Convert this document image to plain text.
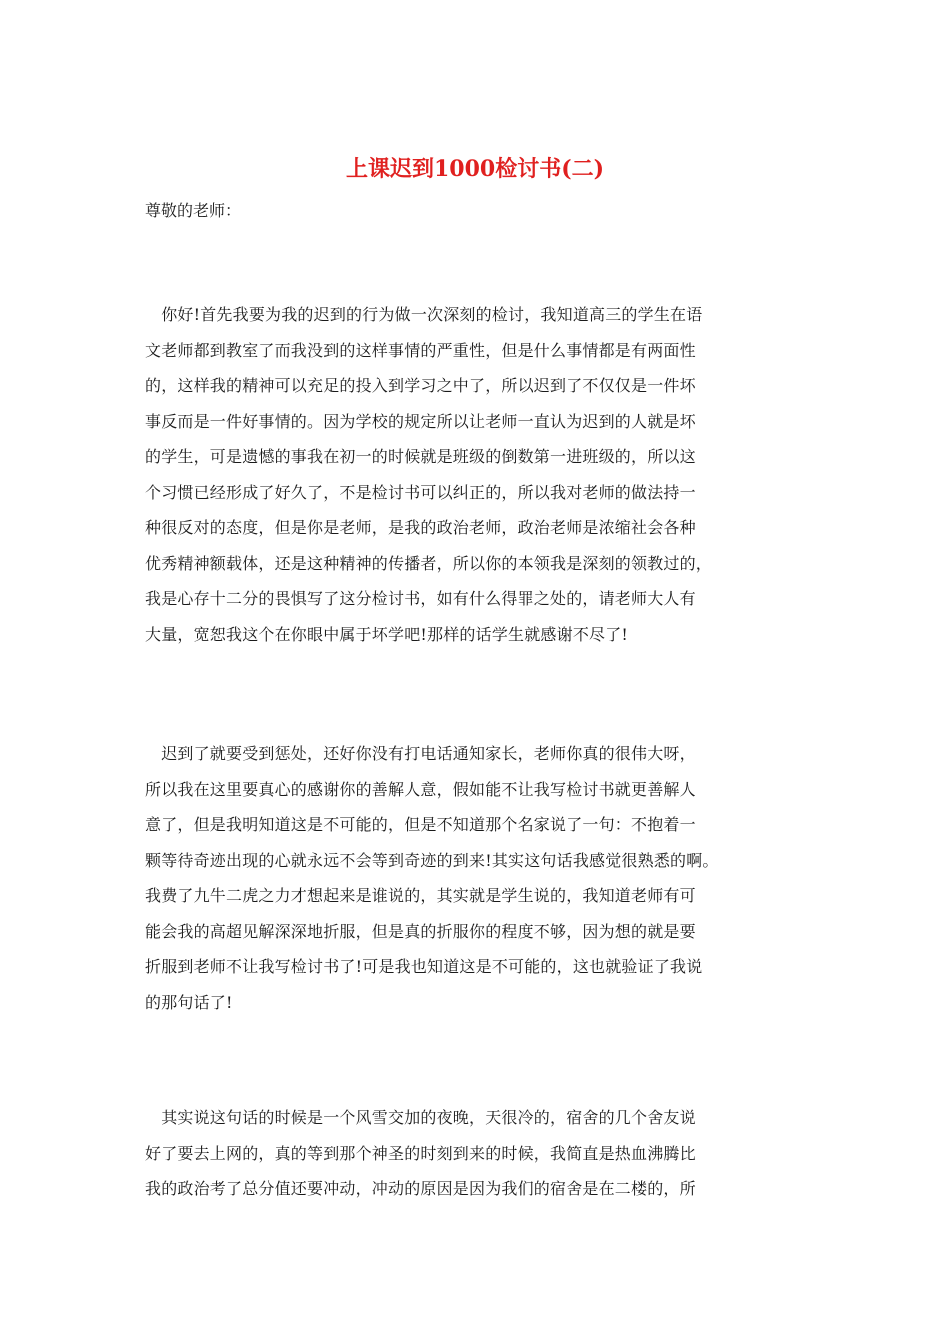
上课迟到1000检讨书(二)

尊敬的老师：

　你好!首先我要为我的迟到的行为做一次深刻的检讨，我知道高三的学生在语
文老师都到教室了而我没到的这样事情的严重性，但是什么事情都是有两面性
的，这样我的精神可以充足的投入到学习之中了，所以迟到了不仅仅是一件坏
事反而是一件好事情的。因为学校的规定所以让老师一直认为迟到的人就是坏
的学生，可是遗憾的事我在初一的时候就是班级的倒数第一进班级的，所以这
个习惯已经形成了好久了，不是检讨书可以纠正的，所以我对老师的做法持一
种很反对的态度，但是你是老师，是我的政治老师，政治老师是浓缩社会各种
优秀精神额载体，还是这种精神的传播者，所以你的本领我是深刻的领教过的，
我是心存十二分的畏惧写了这分检讨书，如有什么得罪之处的，请老师大人有
大量，宽恕我这个在你眼中属于坏学吧!那样的话学生就感谢不尽了!
　迟到了就要受到惩处，还好你没有打电话通知家长，老师你真的很伟大呀，
所以我在这里要真心的感谢你的善解人意，假如能不让我写检讨书就更善解人
意了，但是我明知道这是不可能的，但是不知道那个名家说了一句：不抱着一
颗等待奇迹出现的心就永远不会等到奇迹的到来!其实这句话我感觉很熟悉的啊。
我费了九牛二虎之力才想起来是谁说的，其实就是学生说的，我知道老师有可
能会我的高超见解深深地折服，但是真的折服你的程度不够，因为想的就是要
折服到老师不让我写检讨书了!可是我也知道这是不可能的，这也就验证了我说
的那句话了!
　其实说这句话的时候是一个风雪交加的夜晚，天很冷的，宿舍的几个舍友说
好了要去上网的，真的等到那个神圣的时刻到来的时候，我简直是热血沸腾比
我的政治考了总分值还要冲动，冲动的原因是因为我们的宿舍是在二楼的，所
